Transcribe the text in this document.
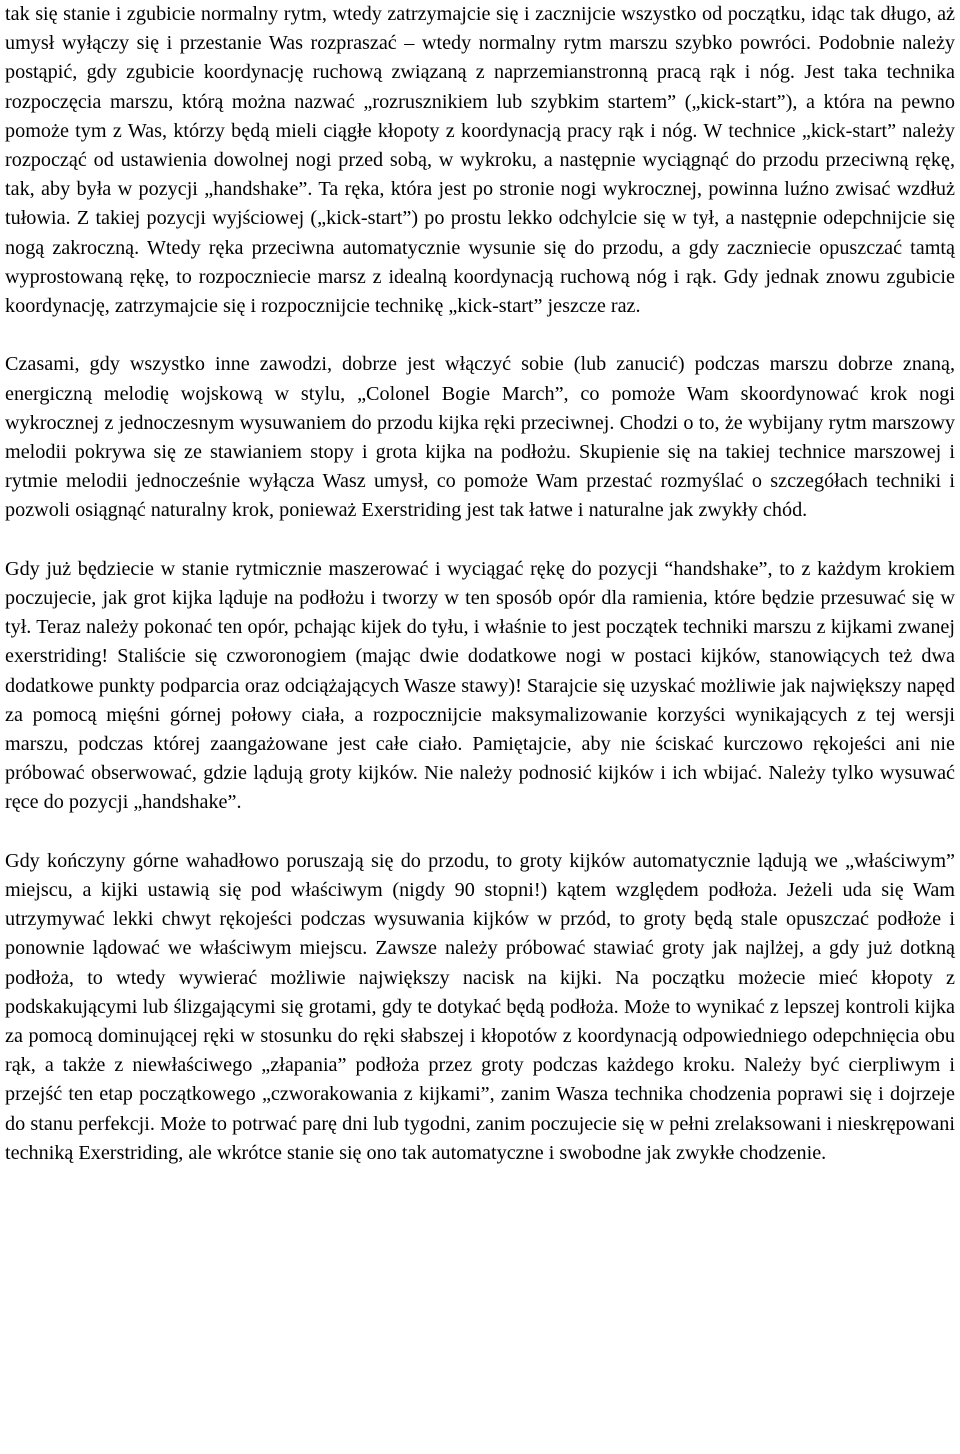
tak się stanie i zgubicie normalny rytm, wtedy zatrzymajcie się i zacznijcie wszystko od początku, idąc tak długo, aż umysł wyłączy się i przestanie Was rozpraszać – wtedy normalny rytm marszu szybko powróci. Podobnie należy postąpić, gdy zgubicie koordynację ruchową związaną z naprzemianstronną pracą rąk i nóg. Jest taka technika rozpoczęcia marszu, którą można nazwać „rozrusznikiem lub szybkim startem” („kick-start”), a która na pewno pomoże tym z Was, którzy będą mieli ciągłe kłopoty z koordynacją pracy rąk i nóg. W technice „kick-start” należy rozpocząć od ustawienia dowolnej nogi przed sobą, w wykroku, a następnie wyciągnąć do przodu przeciwną rękę, tak, aby była w pozycji „handshake”. Ta ręka, która jest po stronie nogi wykrocznej, powinna luźno zwisać wzdłuż tułowia. Z takiej pozycji wyjściowej („kick-start”) po prostu lekko odchylcie się w tył, a następnie odepchnijcie się nogą zakroczną. Wtedy ręka przeciwna automatycznie wysunie się do przodu, a gdy zaczniecie opuszczać tamtą wyprostowaną rękę, to rozpoczniecie marsz z idealną koordynacją ruchową nóg i rąk. Gdy jednak znowu zgubicie koordynację, zatrzymajcie się i rozpocznijcie technikę „kick-start” jeszcze raz.

Czasami, gdy wszystko inne zawodzi, dobrze jest włączyć sobie (lub zanucić) podczas marszu dobrze znaną, energiczną melodię wojskową w stylu, „Colonel Bogie March”, co pomoże Wam skoordynować krok nogi wykrocznej z jednoczesnym wysuwaniem do przodu kijka ręki przeciwnej. Chodzi o to, że wybijany rytm marszowy melodii pokrywa się ze stawianiem stopy i grota kijka na podłożu. Skupienie się na takiej technice marszowej i rytmie melodii jednocześnie wyłącza Wasz umysł, co pomoże Wam przestać rozmyślać o szczegółach techniki i pozwoli osiągnąć naturalny krok, ponieważ Exerstriding jest tak łatwe i naturalne jak zwykły chód.

Gdy już będziecie w stanie rytmicznie maszerować i wyciągać rękę do pozycji “handshake”, to z każdym krokiem poczujecie, jak grot kijka ląduje na podłożu i tworzy w ten sposób opór dla ramienia, które będzie przesuwać się w tył. Teraz należy pokonać ten opór, pchając kijek do tyłu, i właśnie to jest początek techniki marszu z kijkami zwanej exerstriding! Staliście się czworonogiem (mając dwie dodatkowe nogi w postaci kijków, stanowiących też dwa dodatkowe punkty podparcia oraz odciążających Wasze stawy)! Starajcie się uzyskać możliwie jak największy napęd za pomocą mięśni górnej połowy ciała, a rozpocznijcie maksymalizowanie korzyści wynikających z tej wersji marszu, podczas której zaangażowane jest całe ciało. Pamiętajcie, aby nie ściskać kurczowo rękojeści ani nie próbować obserwować, gdzie lądują groty kijków. Nie należy podnosić kijków i ich wbijać. Należy tylko wysuwać ręce do pozycji „handshake”.

Gdy kończyny górne wahadłowo poruszają się do przodu, to groty kijków automatycznie lądują we „właściwym” miejscu, a kijki ustawią się pod właściwym (nigdy 90 stopni!) kątem względem podłoża. Jeżeli uda się Wam utrzymywać lekki chwyt rękojeści podczas wysuwania kijków w przód, to groty będą stale opuszczać podłoże i ponownie lądować we właściwym miejscu. Zawsze należy próbować stawiać groty jak najlżej, a gdy już dotkną podłoża, to wtedy wywierać możliwie największy nacisk na kijki. Na początku możecie mieć kłopoty z podskakującymi lub ślizgającymi się grotami, gdy te dotykać będą podłoża. Może to wynikać z lepszej kontroli kijka za pomocą dominującej ręki w stosunku do ręki słabszej i kłopotów z koordynacją odpowiedniego odepchnięcia obu rąk, a także z niewłaściwego „złapania” podłoża przez groty podczas każdego kroku. Należy być cierpliwym i przejść ten etap początkowego „czworakowania z kijkami”, zanim Wasza technika chodzenia poprawi się i dojrzeje do stanu perfekcji. Może to potrwać parę dni lub tygodni, zanim poczujecie się w pełni zrelaksowani i nieskrępowani techniką Exerstriding, ale wkrótce stanie się ono tak automatyczne i swobodne jak zwykłe chodzenie.
